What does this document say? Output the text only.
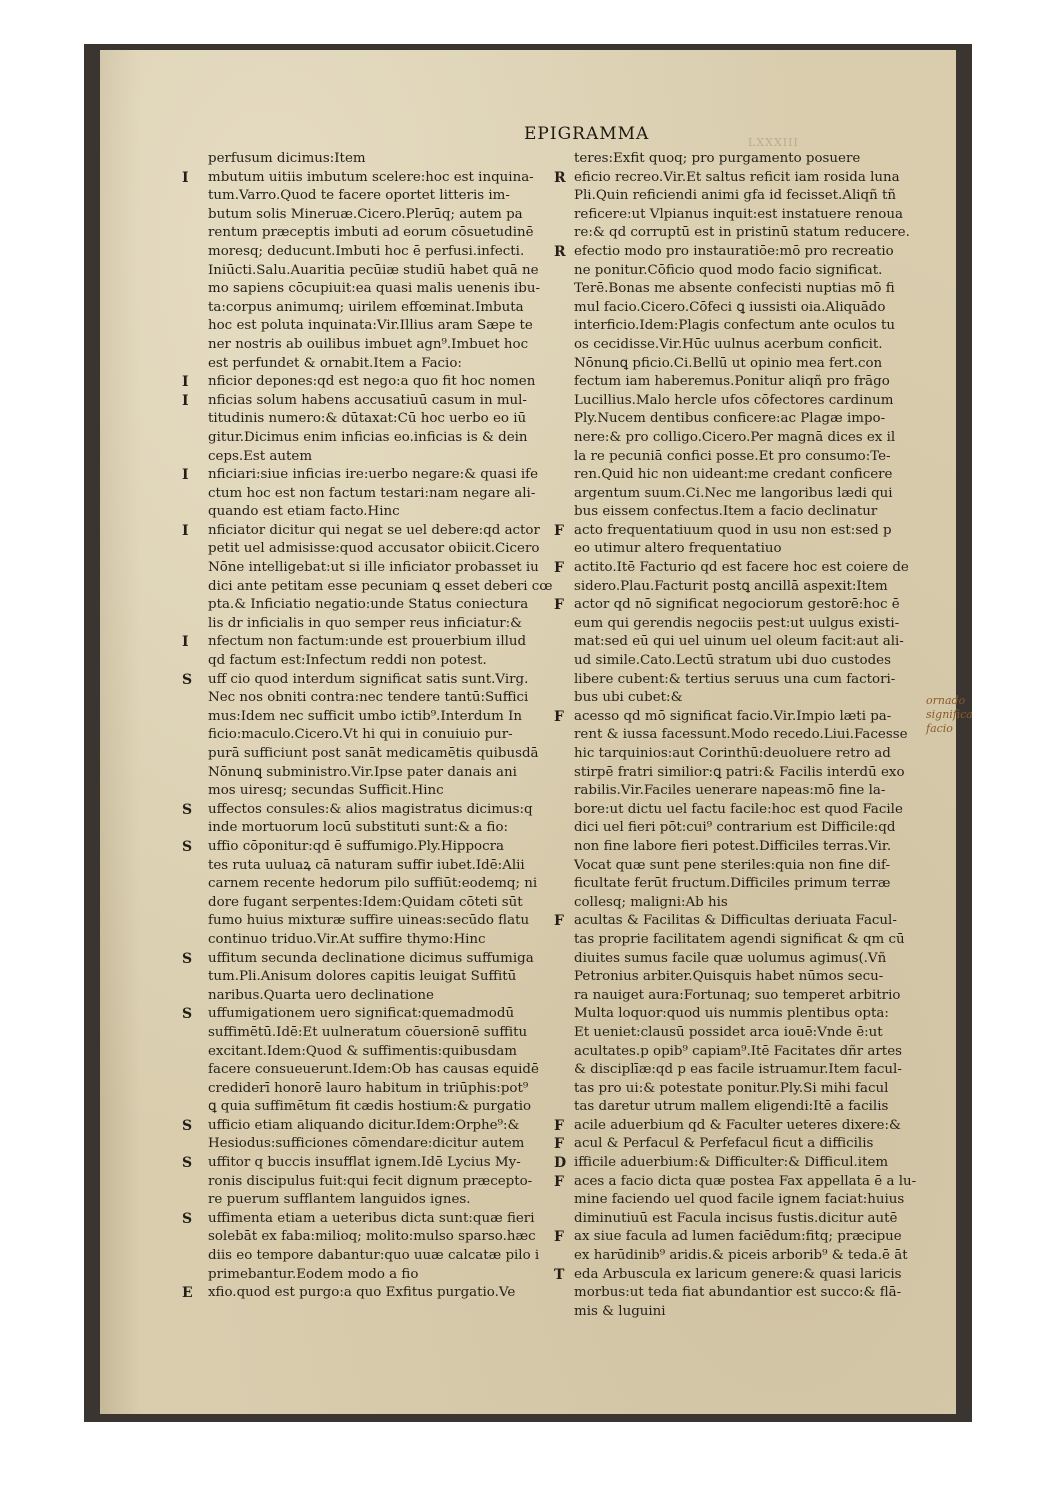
LXXXIII
EPIGRAMMA
perfusum dicimus:Item
I mbutum uitiis imbutum scelere:hoc est inquina-
tum.Varro.Quod te facere oportet litteris im-
butum solis Mineruæ.Cicero.Plerūq; autem pa
rentum præceptis imbuti ad eorum cōsuetudinē
moresq; deducunt.Imbuti hoc ē perfusi.infecti.
Iniūcti.Salu.Auaritia pecūiæ studiū habet quā ne
mo sapiens cōcupiuit:ea quasi malis uenenis ibu-
ta:corpus animumq; uirilem effœminat.Imbuta
hoc est poluta inquinata:Vir.Illius aram Sæpe te
ner nostris ab ouilibus imbuet agn⁹.Imbuet hoc
est perfundet & ornabit.Item a Facio:
I nficior depones:qd est nego:a quo fit hoc nomen
I nficias solum habens accusatiuū casum in mul-
titudinis numero:& dūtaxat:Cū hoc uerbo eo iū
gitur.Dicimus enim inficias eo.inficias is & dein
ceps.Est autem
I nficiari:siue inficias ire:uerbo negare:& quasi ife
ctum hoc est non factum testari:nam negare ali-
quando est etiam facto.Hinc
I nficiator dicitur qui negat se uel debere:qd actor
petit uel admisisse:quod accusator obiicit.Cicero
Nōne intelligebat:ut si ille inficiator probasset iu
dici ante petitam esse pecuniam ꝗ esset deberi cœ
pta.& Inficiatio negatio:unde Status coniectura
lis dr inficialis in quo semper reus inficiatur:&
I nfectum non factum:unde est prouerbium illud
qd factum est:Infectum reddi non potest.
S uff cio quod interdum significat satis sunt.Virg.
Nec nos obniti contra:nec tendere tantū:Suffici
mus:Idem nec sufficit umbo ictib⁹.Interdum In
ficio:maculo.Cicero.Vt hi qui in conuiuio pur-
purā sufficiunt post sanāt medicamētis quibusdā
Nōnunꝗ subministro.Vir.Ipse pater danais ani
mos uiresq; secundas Sufficit.Hinc
S uffectos consules:& alios magistratus dicimus:q
inde mortuorum locū substituti sunt:& a fio:
S uffio cōponitur:qd ē suffumigo.Ply.Hippocra
tes ruta uuluaꝝ cā naturam suffir iubet.Idē:Alii
carnem recente hedorum pilo suffiūt:eodemq; ni
dore fugant serpentes:Idem:Quidam cōteti sūt
fumo huius mixturæ suffire uineas:secūdo flatu
continuo triduo.Vir.At suffire thymo:Hinc
S uffitum secunda declinatione dicimus suffumiga
tum.Pli.Anisum dolores capitis leuigat Suffitū
naribus.Quarta uero declinatione
S uffumigationem uero significat:quemadmodū
suffimētū.Idē:Et uulneratum cōuersionē suffitu
excitant.Idem:Quod & suffimentis:quibusdam
facere consueuerunt.Idem:Ob has causas equidē
crediderī honorē lauro habitum in triūphis:pot⁹
ꝗ quia suffimētum fit cædis hostium:& purgatio
S ufficio etiam aliquando dicitur.Idem:Orphe⁹:&
Hesiodus:sufficiones cōmendare:dicitur autem
S uffitor q buccis insufflat ignem.Idē Lycius My-
ronis discipulus fuit:qui fecit dignum præcepto-
re puerum sufflantem languidos ignes.
S uffimenta etiam a ueteribus dicta sunt:quæ fieri
solebāt ex faba:milioq; molito:mulso sparso.hæc
diis eo tempore dabantur:quo uuæ calcatæ pilo i
primebantur.Eodem modo a fio
E xfio.quod est purgo:a quo Exfitus purgatio.Ve
teres:Exfit quoq; pro purgamento posuere
R eficio recreo.Vir.Et saltus reficit iam rosida luna
Pli.Quin reficiendi animi gfa id fecisset.Aliqñ tñ
reficere:ut Vlpianus inquit:est instatuere renoua
re:& qd corruptū est in pristinū statum reducere.
R efectio modo pro instauratiōe:mō pro recreatio
ne ponitur.Cōficio quod modo facio significat.
Terē.Bonas me absente confecisti nuptias mō fi
mul facio.Cicero.Cōfeci ꝗ iussisti oia.Aliquādo
interficio.Idem:Plagis confectum ante oculos tu
os cecidisse.Vir.Hūc uulnus acerbum conficit.
Nōnunꝗ pficio.Ci.Bellū ut opinio mea fert.con
fectum iam haberemus.Ponitur aliqñ pro frāgo
Lucillius.Malo hercle ufos cōfectores cardinum
Ply.Nucem dentibus conficere:ac Plagæ impo-
nere:& pro colligo.Cicero.Per magnā dices ex il
la re pecuniā confici posse.Et pro consumo:Te-
ren.Quid hic non uideant:me credant conficere
argentum suum.Ci.Nec me langoribus lædi qui
bus eissem confectus.Item a facio declinatur
F acto frequentatiuum quod in usu non est:sed p
eo utimur altero frequentatiuo
F actito.Itē Facturio qd est facere hoc est coiere de
sidero.Plau.Facturit postꝗ ancillā aspexit:Item
F actor qd nō significat negociorum gestorē:hoc ē
eum qui gerendis negociis pest:ut uulgus existi-
mat:sed eū qui uel uinum uel oleum facit:aut ali-
ud simile.Cato.Lectū stratum ubi duo custodes
libere cubent:& tertius seruus una cum factori-
bus ubi cubet:&
F acesso qd mō significat facio.Vir.Impio læti pa-
rent & iussa facessunt.Modo recedo.Liui.Facesse
hic tarquinios:aut Corinthū:deuoluere retro ad
stirpē fratri similior:ꝗ patri:& Facilis interdū exo
rabilis.Vir.Faciles uenerare napeas:mō fine la-
bore:ut dictu uel factu facile:hoc est quod Facile
dici uel fieri pōt:cui⁹ contrarium est Difficile:qd
non fine labore fieri potest.Difficiles terras.Vir.
Vocat quæ sunt pene steriles:quia non fine dif-
ficultate ferūt fructum.Difficiles primum terræ
collesq; maligni:Ab his
F acultas & Facilitas & Difficultas deriuata Facul-
tas proprie facilitatem agendi significat & qm cū
diuites sumus facile quæ uolumus agimus(.Vñ
Petronius arbiter.Quisquis habet nūmos secu-
ra nauiget aura:Fortunaq; suo temperet arbitrio
Multa loquor:quod uis nummis plentibus opta:
Et ueniet:clausū possidet arca iouē:Vnde ē:ut
acultates.p opib⁹ capiam⁹.Itē Facitates dñr artes
& disciplīæ:qd p eas facile istruamur.Item facul-
tas pro ui:& potestate ponitur.Ply.Si mihi facul
tas daretur utrum mallem eligendi:Itē a facilis
F acile aduerbium qd & Faculter ueteres dixere:&
F acul & Perfacul & Perfefacul ficut a difficilis
D ifficile aduerbium:& Difficulter:& Difficul.item
F aces a facio dicta quæ postea Fax appellata ē a lu-
mine faciendo uel quod facile ignem faciat:huius
diminutiuū est Facula incisus fustis.dicitur autē
F ax siue facula ad lumen faciēdum:fitq; præcipue
ex harūdinib⁹ aridis.& piceis arborib⁹ & teda.ē āt
T eda Arbuscula ex laricum genere:& quasi laricis
morbus:ut teda fiat abundantior est succo:& flā-
mis & luguini
ornado
significa
facio
